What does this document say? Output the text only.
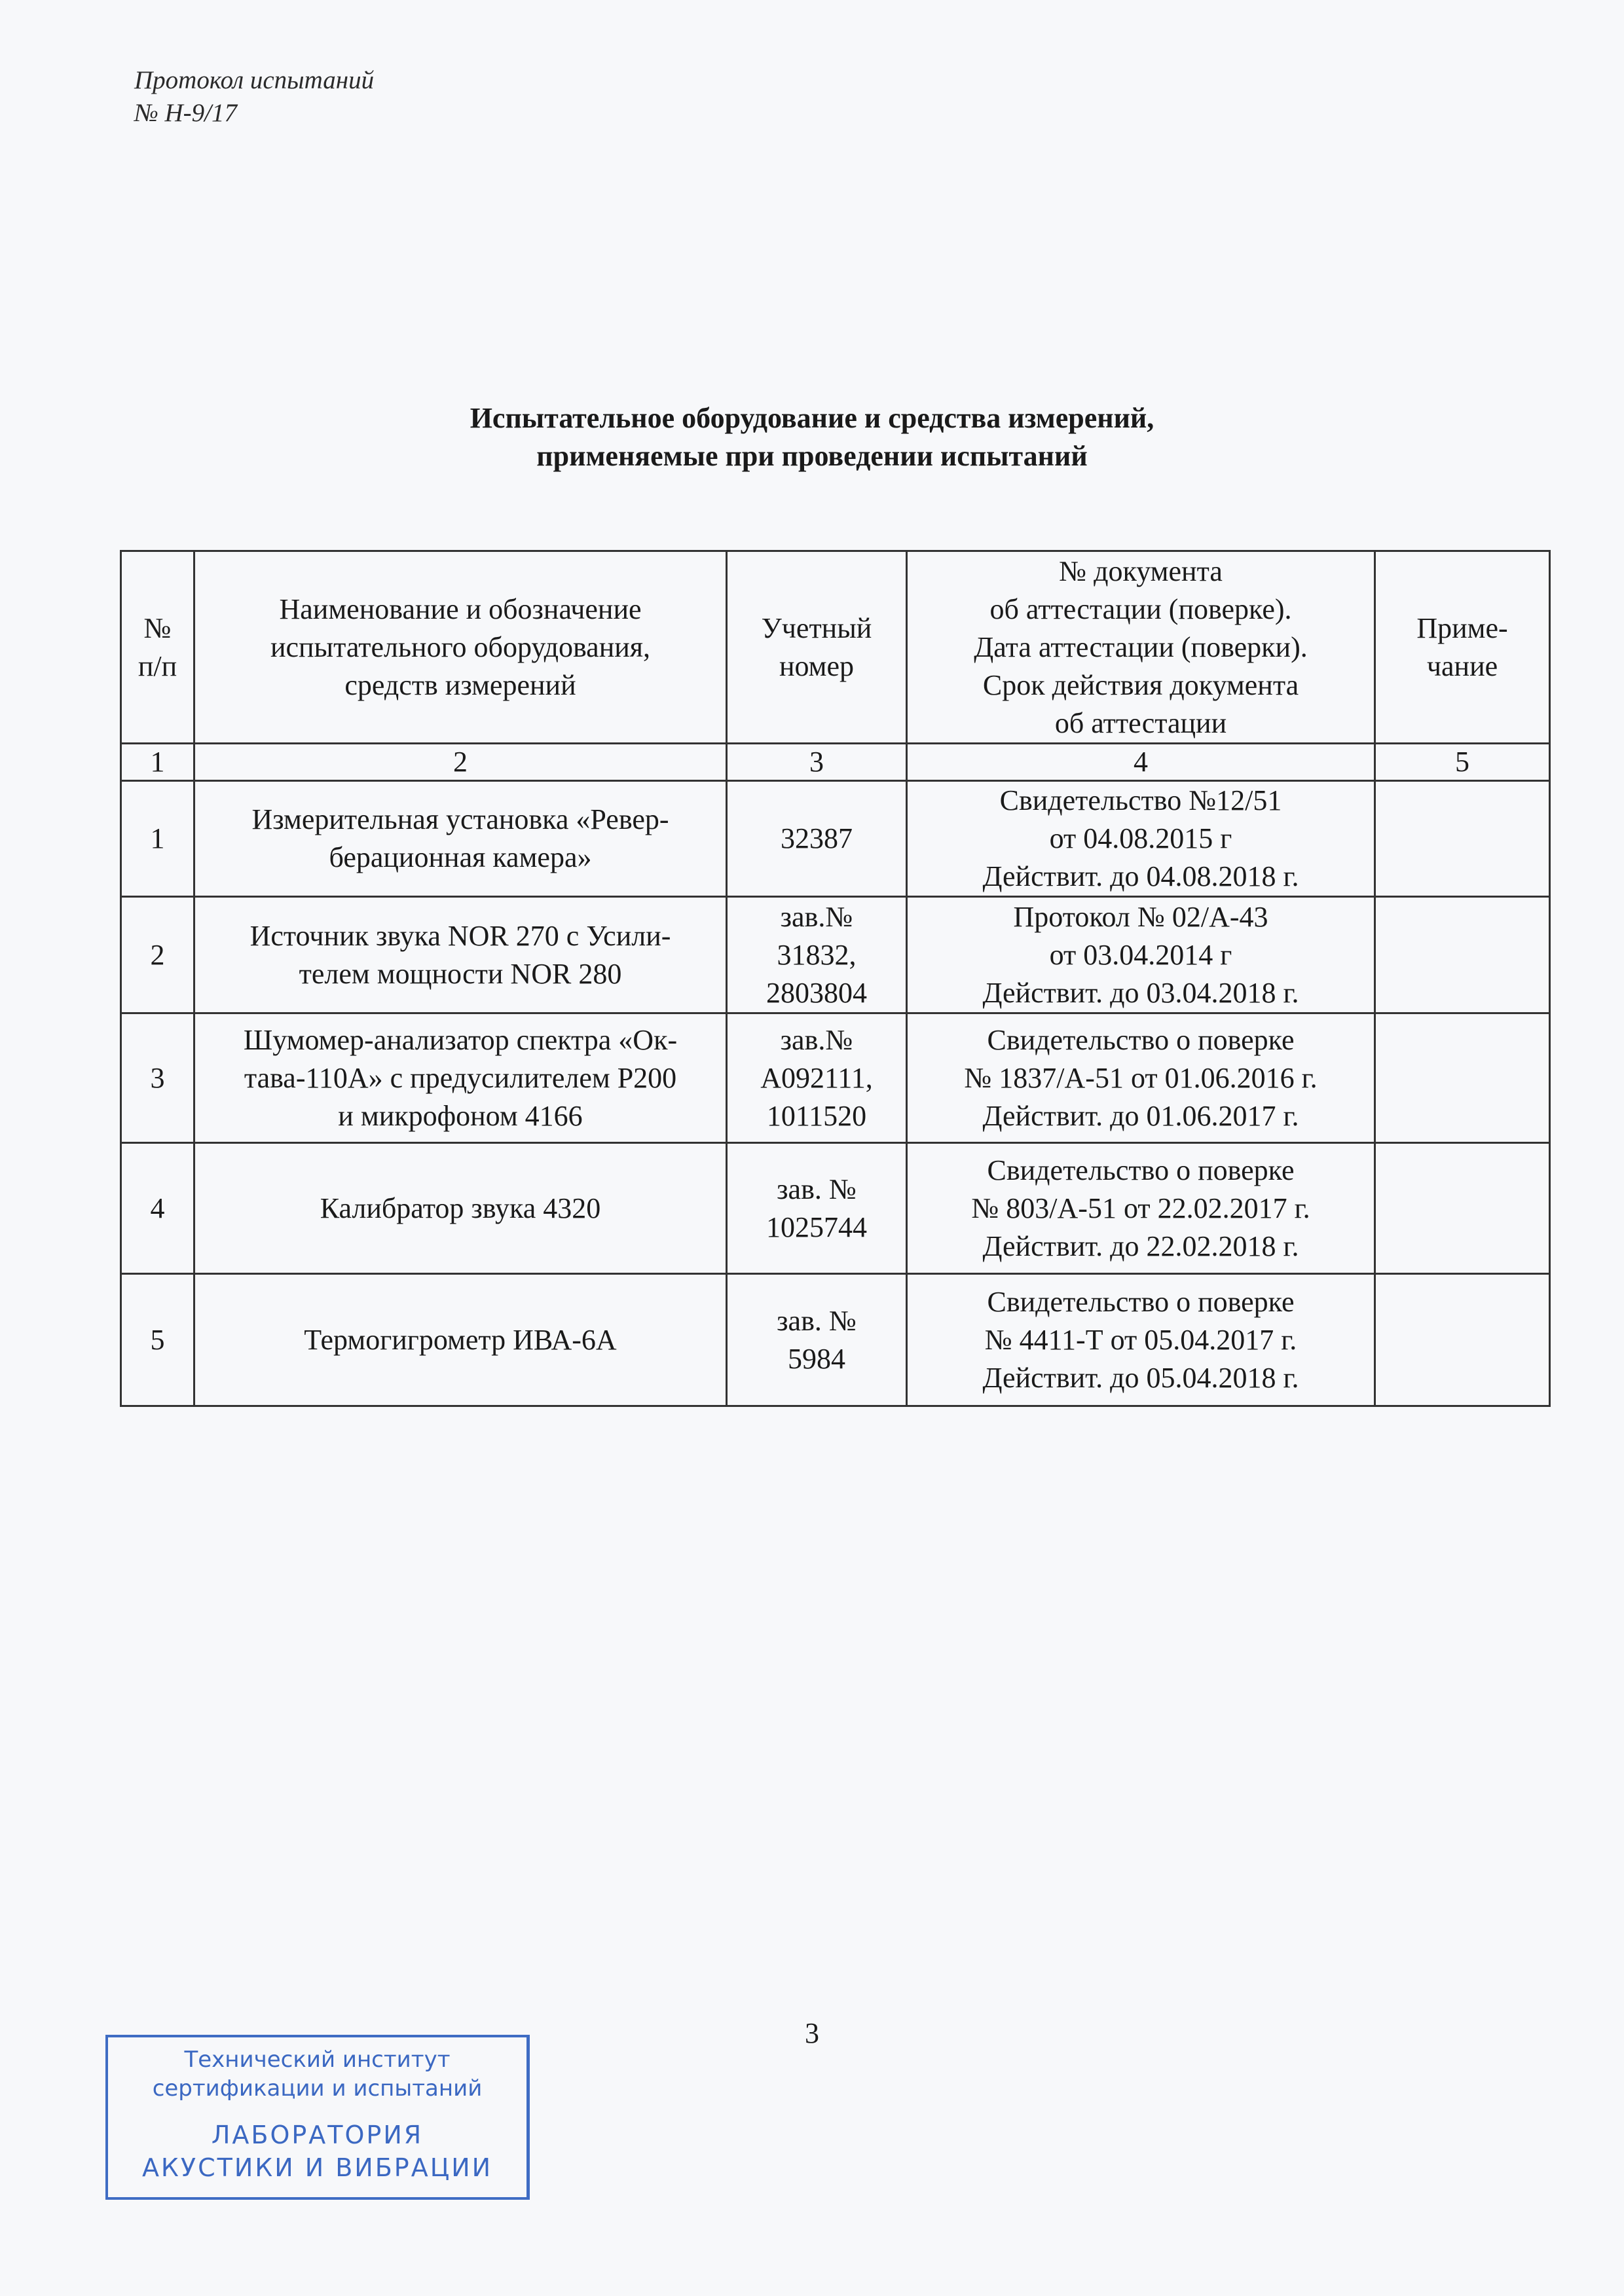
Протокол испытаний
№ Н-9/17
Испытательное оборудование и средства измерений,
применяемые при проведении испытаний
№
п/п	Наименование и обозначение
испытательного оборудования,
средств измерений	Учетный
номер	№ документа
об аттестации (поверке).
Дата аттестации (поверки).
Срок действия документа
об аттестации	Приме-
чание

1	2	3	4	5
1	Измерительная установка «Ревер-
берационная камера»	32387	Свидетельство №12/51
от 04.08.2015 г
Действит. до 04.08.2018 г.	

2	Источник звука NOR 270 с Усили-
телем мощности NOR 280	зав.№
31832,
2803804	Протокол № 02/А-43
от 03.04.2014 г
Действит. до 03.04.2018 г.	

3	Шумомер-анализатор спектра «Ок-
тава-110А» с предусилителем Р200
и микрофоном 4166	зав.№
А092111,
1011520	Свидетельство о поверке
№ 1837/А-51 от 01.06.2016 г.
Действит. до 01.06.2017 г.	

4	Калибратор звука 4320	зав. №
1025744	Свидетельство о поверке
№ 803/А-51 от 22.02.2017 г.
Действит. до 22.02.2018 г.	

5	Термогигрометр ИВА-6А	зав. №
5984	Свидетельство о поверке
№ 4411-Т от 05.04.2017 г.
Действит. до 05.04.2018 г.	

3
Технический институт
сертификации и испытаний
ЛАБОРАТОРИЯ
АКУСТИКИ И ВИБРАЦИИ
